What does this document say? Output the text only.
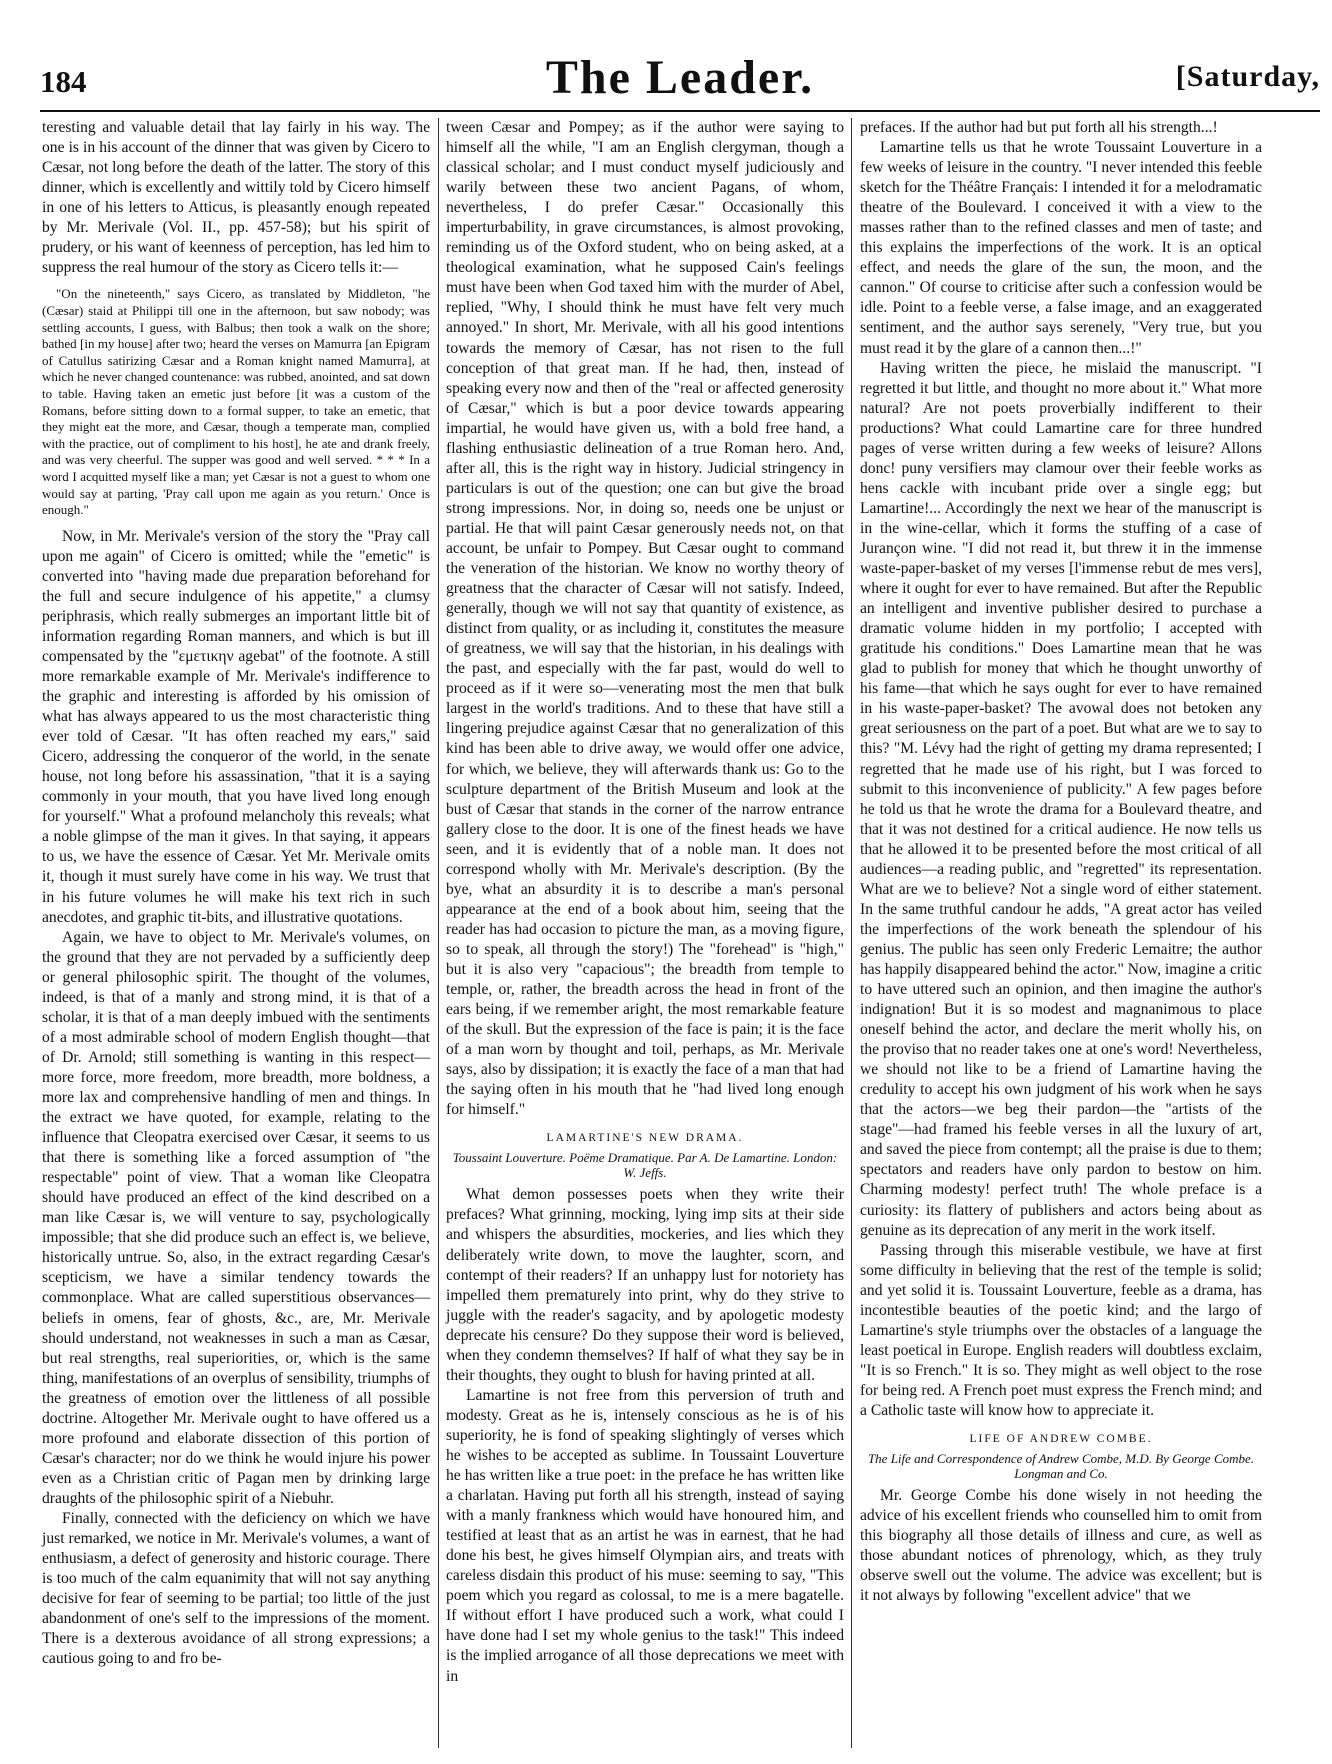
184	The Leader.	[Saturday,

teresting and valuable detail that lay fairly in his way. The one is in his account of the dinner that was given by Cicero to Cæsar, not long before the death of the latter. The story of this dinner, which is excellently and wittily told by Cicero himself in one of his letters to Atticus, is pleasantly enough repeated by Mr. Merivale (Vol. II., pp. 457-58); but his spirit of prudery, or his want of keenness of perception, has led him to suppress the real humour of the story as Cicero tells it:—

"On the nineteenth," says Cicero, as translated by Middleton, "he (Cæsar) staid at Philippi till one in the afternoon, but saw nobody; was settling accounts, I guess, with Balbus; then took a walk on the shore; bathed [in my house] after two; heard the verses on Mamurra [an Epigram of Catullus satirizing Cæsar and a Roman knight named Mamurra], at which he never changed countenance: was rubbed, anointed, and sat down to table. Having taken an emetic just before [it was a custom of the Romans, before sitting down to a formal supper, to take an emetic, that they might eat the more, and Cæsar, though a temperate man, complied with the practice, out of compliment to his host], he ate and drank freely, and was very cheerful. The supper was good and well served. * * * In a word I acquitted myself like a man; yet Cæsar is not a guest to whom one would say at parting, 'Pray call upon me again as you return.' Once is enough."

Now, in Mr. Merivale's version of the story the "Pray call upon me again" of Cicero is omitted; while the "emetic" is converted into "having made due preparation beforehand for the full and secure indulgence of his appetite," a clumsy periphrasis, which really submerges an important little bit of information regarding Roman manners, and which is but ill compensated by the "εμετικην agebat" of the footnote. A still more remarkable example of Mr. Merivale's indifference to the graphic and interesting is afforded by his omission of what has always appeared to us the most characteristic thing ever told of Cæsar. "It has often reached my ears," said Cicero, addressing the conqueror of the world, in the senate house, not long before his assassination, "that it is a saying commonly in your mouth, that you have lived long enough for yourself." What a profound melancholy this reveals; what a noble glimpse of the man it gives. In that saying, it appears to us, we have the essence of Cæsar. Yet Mr. Merivale omits it, though it must surely have come in his way. We trust that in his future volumes he will make his text rich in such anecdotes, and graphic tit-bits, and illustrative quotations.

Again, we have to object to Mr. Merivale's volumes, on the ground that they are not pervaded by a sufficiently deep or general philosophic spirit. The thought of the volumes, indeed, is that of a manly and strong mind, it is that of a scholar, it is that of a man deeply imbued with the sentiments of a most admirable school of modern English thought—that of Dr. Arnold; still something is wanting in this respect—more force, more freedom, more breadth, more boldness, a more lax and comprehensive handling of men and things. In the extract we have quoted, for example, relating to the influence that Cleopatra exercised over Cæsar, it seems to us that there is something like a forced assumption of "the respectable" point of view. That a woman like Cleopatra should have produced an effect of the kind described on a man like Cæsar is, we will venture to say, psychologically impossible; that she did produce such an effect is, we believe, historically untrue. So, also, in the extract regarding Cæsar's scepticism, we have a similar tendency towards the commonplace. What are called superstitious observances—beliefs in omens, fear of ghosts, &c., are, Mr. Merivale should understand, not weaknesses in such a man as Cæsar, but real strengths, real superiorities, or, which is the same thing, manifestations of an overplus of sensibility, triumphs of the greatness of emotion over the littleness of all possible doctrine. Altogether Mr. Merivale ought to have offered us a more profound and elaborate dissection of this portion of Cæsar's character; nor do we think he would injure his power even as a Christian critic of Pagan men by drinking large draughts of the philosophic spirit of a Niebuhr.

Finally, connected with the deficiency on which we have just remarked, we notice in Mr. Merivale's volumes, a want of enthusiasm, a defect of generosity and historic courage. There is too much of the calm equanimity that will not say anything decisive for fear of seeming to be partial; too little of the just abandonment of one's self to the impressions of the moment. There is a dexterous avoidance of all strong expressions; a cautious going to and fro be-

tween Cæsar and Pompey; as if the author were saying to himself all the while, "I am an English clergyman, though a classical scholar; and I must conduct myself judiciously and warily between these two ancient Pagans, of whom, nevertheless, I do prefer Cæsar." Occasionally this imperturbability, in grave circumstances, is almost provoking, reminding us of the Oxford student, who on being asked, at a theological examination, what he supposed Cain's feelings must have been when God taxed him with the murder of Abel, replied, "Why, I should think he must have felt very much annoyed." In short, Mr. Merivale, with all his good intentions towards the memory of Cæsar, has not risen to the full conception of that great man. If he had, then, instead of speaking every now and then of the "real or affected generosity of Cæsar," which is but a poor device towards appearing impartial, he would have given us, with a bold free hand, a flashing enthusiastic delineation of a true Roman hero. And, after all, this is the right way in history. Judicial stringency in particulars is out of the question; one can but give the broad strong impressions. Nor, in doing so, needs one be unjust or partial. He that will paint Cæsar generously needs not, on that account, be unfair to Pompey. But Cæsar ought to command the veneration of the historian. We know no worthy theory of greatness that the character of Cæsar will not satisfy. Indeed, generally, though we will not say that quantity of existence, as distinct from quality, or as including it, constitutes the measure of greatness, we will say that the historian, in his dealings with the past, and especially with the far past, would do well to proceed as if it were so—venerating most the men that bulk largest in the world's traditions. And to these that have still a lingering prejudice against Cæsar that no generalization of this kind has been able to drive away, we would offer one advice, for which, we believe, they will afterwards thank us: Go to the sculpture department of the British Museum and look at the bust of Cæsar that stands in the corner of the narrow entrance gallery close to the door. It is one of the finest heads we have seen, and it is evidently that of a noble man. It does not correspond wholly with Mr. Merivale's description. (By the bye, what an absurdity it is to describe a man's personal appearance at the end of a book about him, seeing that the reader has had occasion to picture the man, as a moving figure, so to speak, all through the story!) The "forehead" is "high," but it is also very "capacious"; the breadth from temple to temple, or, rather, the breadth across the head in front of the ears being, if we remember aright, the most remarkable feature of the skull. But the expression of the face is pain; it is the face of a man worn by thought and toil, perhaps, as Mr. Merivale says, also by dissipation; it is exactly the face of a man that had the saying often in his mouth that he "had lived long enough for himself."

LAMARTINE'S NEW DRAMA.
Toussaint Louverture. Poëme Dramatique. Par A. De Lamartine. London: W. Jeffs.

What demon possesses poets when they write their prefaces? What grinning, mocking, lying imp sits at their side and whispers the absurdities, mockeries, and lies which they deliberately write down, to move the laughter, scorn, and contempt of their readers? If an unhappy lust for notoriety has impelled them prematurely into print, why do they strive to juggle with the reader's sagacity, and by apologetic modesty deprecate his censure? Do they suppose their word is believed, when they condemn themselves? If half of what they say be in their thoughts, they ought to blush for having printed at all.

Lamartine is not free from this perversion of truth and modesty. Great as he is, intensely conscious as he is of his superiority, he is fond of speaking slightingly of verses which he wishes to be accepted as sublime. In Toussaint Louverture he has written like a true poet: in the preface he has written like a charlatan. Having put forth all his strength, instead of saying with a manly frankness which would have honoured him, and testified at least that as an artist he was in earnest, that he had done his best, he gives himself Olympian airs, and treats with careless disdain this product of his muse: seeming to say, "This poem which you regard as colossal, to me is a mere bagatelle. If without effort I have produced such a work, what could I have done had I set my whole genius to the task!" This indeed is the implied arrogance of all those deprecations we meet with in

prefaces. If the author had but put forth all his strength...!

Lamartine tells us that he wrote Toussaint Louverture in a few weeks of leisure in the country. "I never intended this feeble sketch for the Théâtre Français: I intended it for a melodramatic theatre of the Boulevard. I conceived it with a view to the masses rather than to the refined classes and men of taste; and this explains the imperfections of the work. It is an optical effect, and needs the glare of the sun, the moon, and the cannon." Of course to criticise after such a confession would be idle. Point to a feeble verse, a false image, and an exaggerated sentiment, and the author says serenely, "Very true, but you must read it by the glare of a cannon then...!"

Having written the piece, he mislaid the manuscript. "I regretted it but little, and thought no more about it." What more natural? Are not poets proverbially indifferent to their productions? What could Lamartine care for three hundred pages of verse written during a few weeks of leisure? Allons donc! puny versifiers may clamour over their feeble works as hens cackle with incubant pride over a single egg; but Lamartine!... Accordingly the next we hear of the manuscript is in the wine-cellar, which it forms the stuffing of a case of Jurançon wine. "I did not read it, but threw it in the immense waste-paper-basket of my verses [l'immense rebut de mes vers], where it ought for ever to have remained. But after the Republic an intelligent and inventive publisher desired to purchase a dramatic volume hidden in my portfolio; I accepted with gratitude his conditions." Does Lamartine mean that he was glad to publish for money that which he thought unworthy of his fame—that which he says ought for ever to have remained in his waste-paper-basket? The avowal does not betoken any great seriousness on the part of a poet. But what are we to say to this? "M. Lévy had the right of getting my drama represented; I regretted that he made use of his right, but I was forced to submit to this inconvenience of publicity." A few pages before he told us that he wrote the drama for a Boulevard theatre, and that it was not destined for a critical audience. He now tells us that he allowed it to be presented before the most critical of all audiences—a reading public, and "regretted" its representation. What are we to believe? Not a single word of either statement. In the same truthful candour he adds, "A great actor has veiled the imperfections of the work beneath the splendour of his genius. The public has seen only Frederic Lemaitre; the author has happily disappeared behind the actor." Now, imagine a critic to have uttered such an opinion, and then imagine the author's indignation! But it is so modest and magnanimous to place oneself behind the actor, and declare the merit wholly his, on the proviso that no reader takes one at one's word! Nevertheless, we should not like to be a friend of Lamartine having the credulity to accept his own judgment of his work when he says that the actors—we beg their pardon—the "artists of the stage"—had framed his feeble verses in all the luxury of art, and saved the piece from contempt; all the praise is due to them; spectators and readers have only pardon to bestow on him. Charming modesty! perfect truth! The whole preface is a curiosity: its flattery of publishers and actors being about as genuine as its deprecation of any merit in the work itself.

Passing through this miserable vestibule, we have at first some difficulty in believing that the rest of the temple is solid; and yet solid it is. Toussaint Louverture, feeble as a drama, has incontestible beauties of the poetic kind; and the largo of Lamartine's style triumphs over the obstacles of a language the least poetical in Europe. English readers will doubtless exclaim, "It is so French." It is so. They might as well object to the rose for being red. A French poet must express the French mind; and a Catholic taste will know how to appreciate it.

LIFE OF ANDREW COMBE.
The Life and Correspondence of Andrew Combe, M.D. By George Combe. Longman and Co.

Mr. George Combe his done wisely in not heeding the advice of his excellent friends who counselled him to omit from this biography all those details of illness and cure, as well as those abundant notices of phrenology, which, as they truly observe swell out the volume. The advice was excellent; but is it not always by following "excellent advice" that we
